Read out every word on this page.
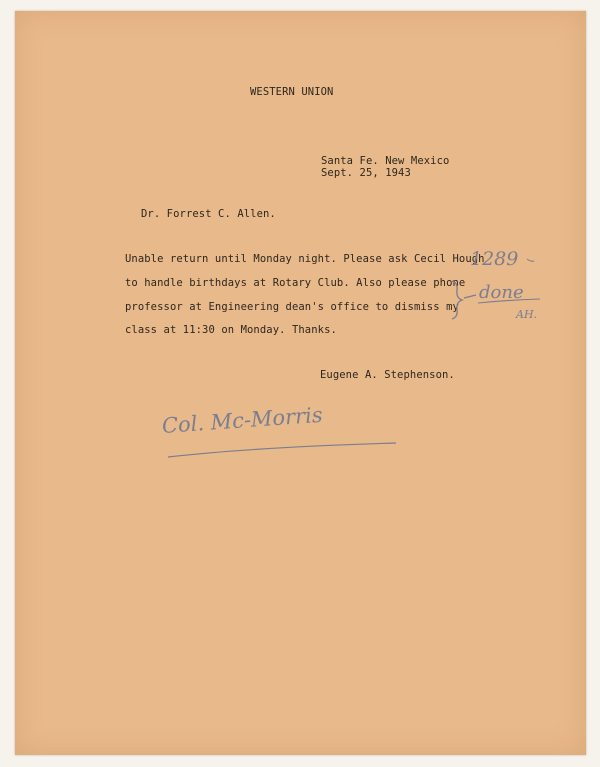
WESTERN UNION

Santa Fe. New Mexico

Sept. 25, 1943

Dr. Forrest C. Allen.

Unable return until Monday night. Please ask Cecil Hough

to handle birthdays at Rotary Club. Also please phone

professor at Engineering dean's office to dismiss my

class at 11:30 on Monday. Thanks.

Eugene A. Stephenson.

1289

done

AH.

Col. Mc-Morris
